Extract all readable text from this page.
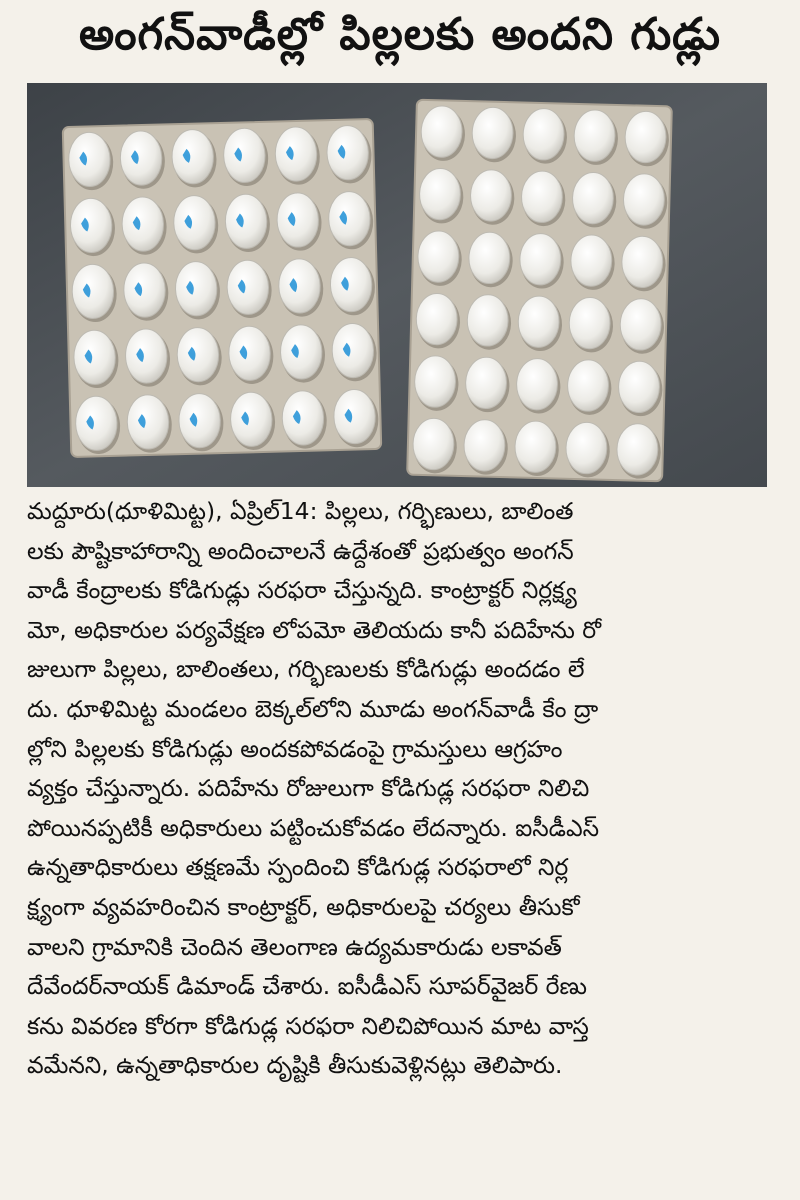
అంగన్‌వాడీల్లో పిల్లలకు అందని గుడ్లు
మద్దూరు(ధూళిమిట్ట), ఏప్రిల్‌14: పిల్లలు, గర్భిణులు, బాలింత
లకు పౌష్టికాహారాన్ని అందించాలనే ఉద్దేశంతో ప్రభుత్వం అంగన్
వాడీ కేంద్రాలకు కోడిగుడ్లు సరఫరా చేస్తున్నది. కాంట్రాక్టర్ నిర్లక్ష్య
మో, అధికారుల పర్యవేక్షణ లోపమో తెలియదు కానీ పదిహేను రో
జులుగా పిల్లలు, బాలింతలు, గర్భిణులకు కోడిగుడ్లు అందడం లే
దు. ధూళిమిట్ట మండలం బెక్కల్‌లోని మూడు అంగన్‌వాడీ కేం ద్రా
ల్లోని పిల్లలకు కోడిగుడ్లు అందకపోవడంపై గ్రామస్తులు ఆగ్రహం
వ్యక్తం చేస్తున్నారు. పదిహేను రోజులుగా కోడిగుడ్ల సరఫరా నిలిచి
పోయినప్పటికీ అధికారులు పట్టించుకోవడం లేదన్నారు. ఐసీడీఎస్
ఉన్నతాధికారులు తక్షణమే స్పందించి కోడిగుడ్ల సరఫరాలో నిర్ల
క్ష్యంగా వ్యవహరించిన కాంట్రాక్టర్, అధికారులపై చర్యలు తీసుకో
వాలని గ్రామానికి చెందిన తెలంగాణ ఉద్యమకారుడు లకావత్
దేవేందర్‌నాయక్ డిమాండ్ చేశారు. ఐసీడీఎస్ సూపర్‌వైజర్ రేణు
కను వివరణ కోరగా కోడిగుడ్ల సరఫరా నిలిచిపోయిన మాట వాస్త
వమేనని, ఉన్నతాధికారుల దృష్టికి తీసుకువెళ్లినట్లు తెలిపారు.
